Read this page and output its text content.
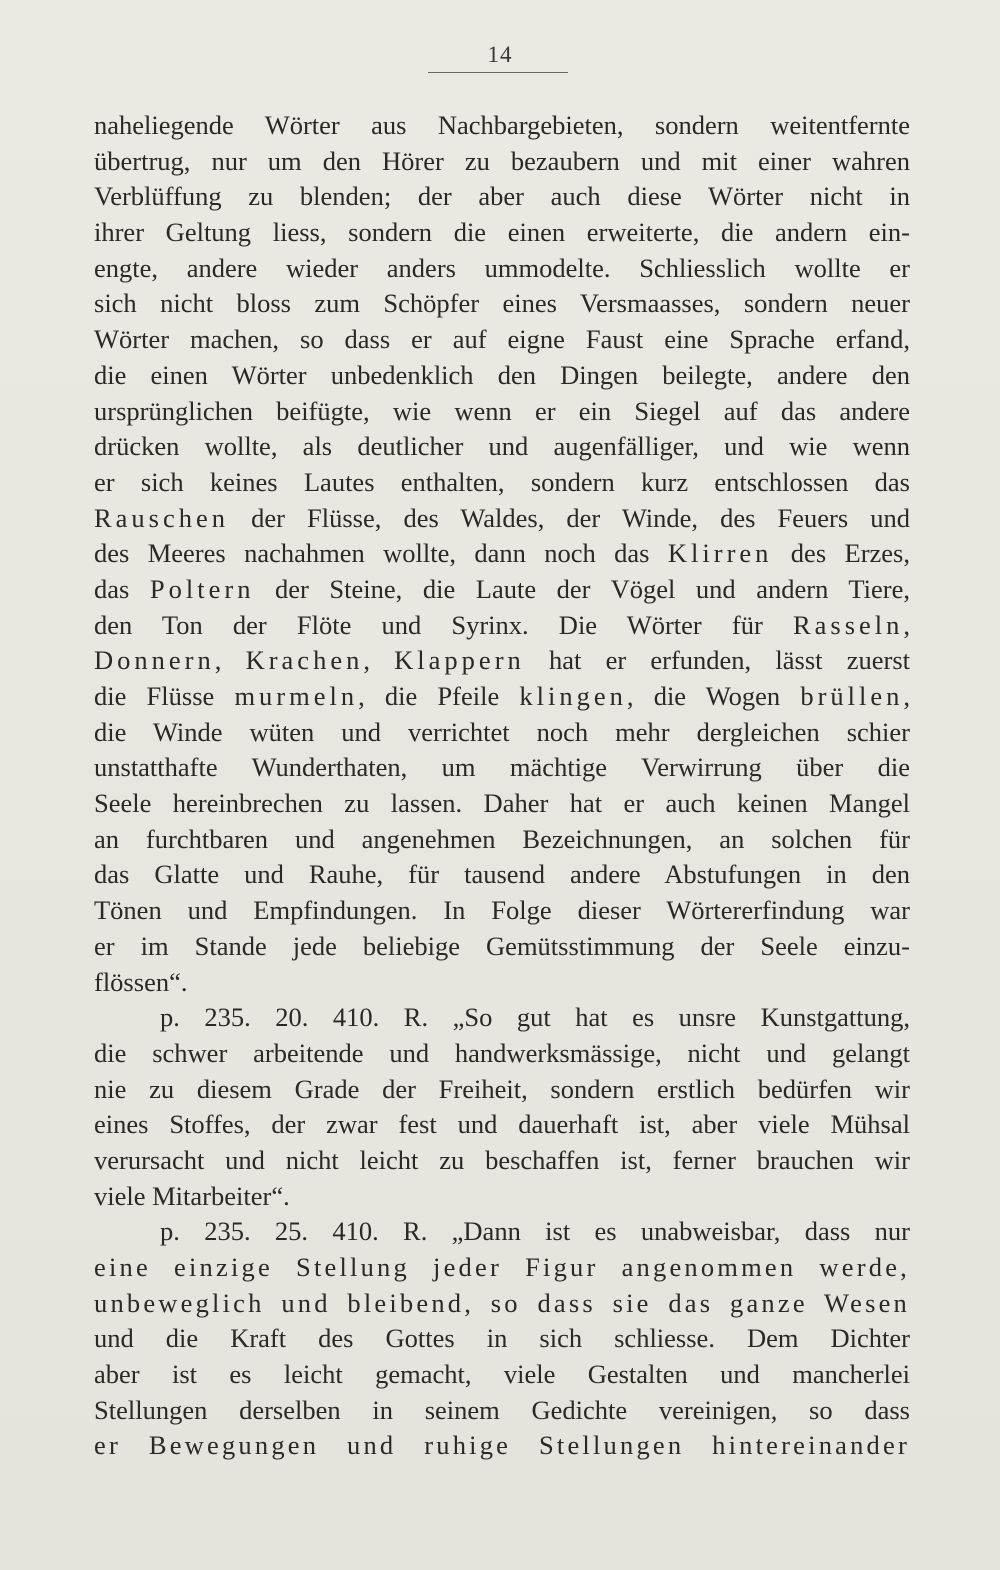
14
naheliegende Wörter aus Nachbargebieten, sondern weitentfernte
übertrug, nur um den Hörer zu bezaubern und mit einer wahren
Verblüffung zu blenden; der aber auch diese Wörter nicht in
ihrer Geltung liess, sondern die einen erweiterte, die andern ein-
engte, andere wieder anders ummodelte. Schliesslich wollte er
sich nicht bloss zum Schöpfer eines Versmaasses, sondern neuer
Wörter machen, so dass er auf eigne Faust eine Sprache erfand,
die einen Wörter unbedenklich den Dingen beilegte, andere den
ursprünglichen beifügte, wie wenn er ein Siegel auf das andere
drücken wollte, als deutlicher und augenfälliger, und wie wenn
er sich keines Lautes enthalten, sondern kurz entschlossen das
Rauschen der Flüsse, des Waldes, der Winde, des Feuers und
des Meeres nachahmen wollte, dann noch das Klirren des Erzes,
das Poltern der Steine, die Laute der Vögel und andern Tiere,
den Ton der Flöte und Syrinx. Die Wörter für Rasseln,
Donnern, Krachen, Klappern hat er erfunden, lässt zuerst
die Flüsse murmeln, die Pfeile klingen, die Wogen brüllen,
die Winde wüten und verrichtet noch mehr dergleichen schier
unstatthafte Wunderthaten, um mächtige Verwirrung über die
Seele hereinbrechen zu lassen. Daher hat er auch keinen Mangel
an furchtbaren und angenehmen Bezeichnungen, an solchen für
das Glatte und Rauhe, für tausend andere Abstufungen in den
Tönen und Empfindungen. In Folge dieser Wörtererfindung war
er im Stande jede beliebige Gemütsstimmung der Seele einzu-
flössen“.
p. 235. 20. 410. R. „So gut hat es unsre Kunstgattung,
die schwer arbeitende und handwerksmässige, nicht und gelangt
nie zu diesem Grade der Freiheit, sondern erstlich bedürfen wir
eines Stoffes, der zwar fest und dauerhaft ist, aber viele Mühsal
verursacht und nicht leicht zu beschaffen ist, ferner brauchen wir
viele Mitarbeiter“.
p. 235. 25. 410. R. „Dann ist es unabweisbar, dass nur
eine einzige Stellung jeder Figur angenommen werde,
unbeweglich und bleibend, so dass sie das ganze Wesen
und die Kraft des Gottes in sich schliesse. Dem Dichter
aber ist es leicht gemacht, viele Gestalten und mancherlei
Stellungen derselben in seinem Gedichte vereinigen, so dass
er Bewegungen und ruhige Stellungen hintereinander
